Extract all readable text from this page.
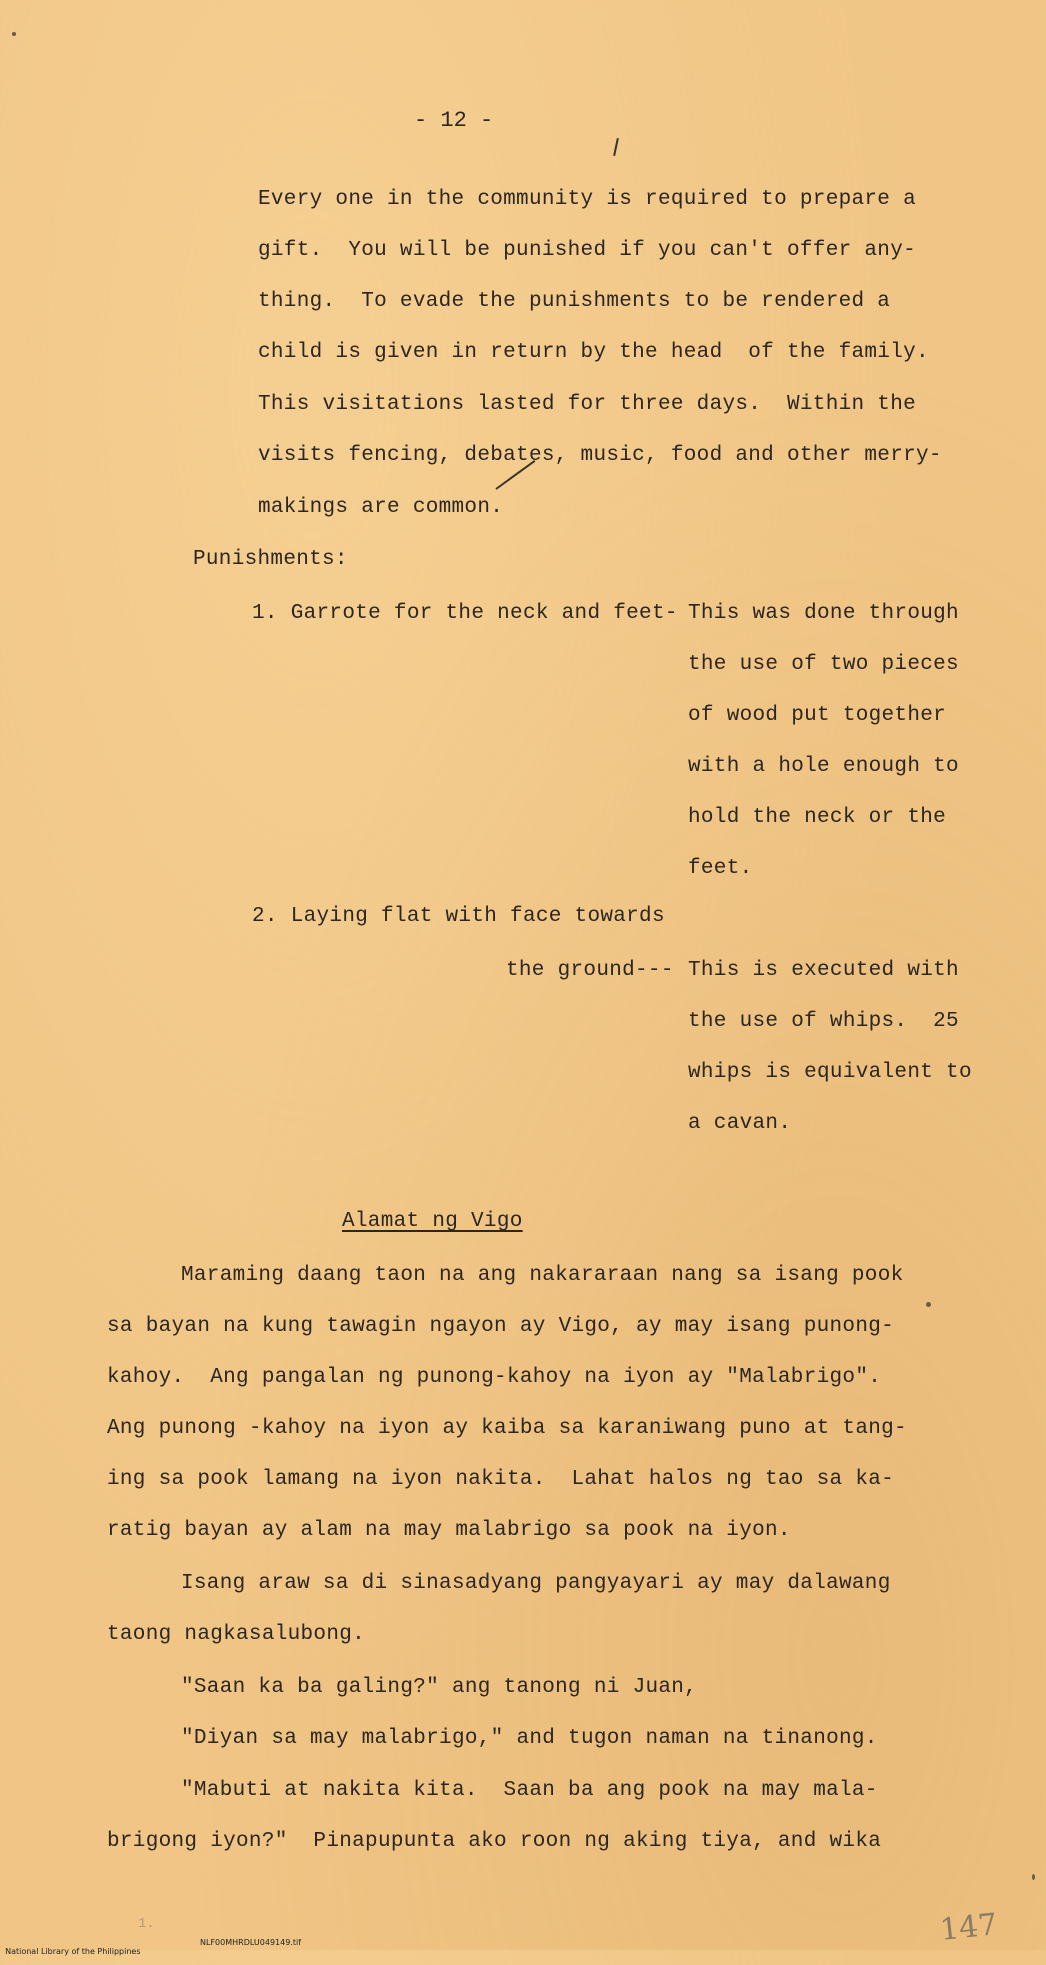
- 12 -
Every one in the community is required to prepare a
gift.  You will be punished if you can't offer any-
thing.  To evade the punishments to be rendered a
child is given in return by the head  of the family.
This visitations lasted for three days.  Within the
visits fencing, debates, music, food and other merry-
makings are common.
Punishments:
1. Garrote for the neck and feet- This was done through
the use of two pieces
of wood put together
with a hole enough to
hold the neck or the
feet.
2. Laying flat with face towards
the ground--- This is executed with
the use of whips.  25
whips is equivalent to
a cavan.
Alamat ng Vigo
Maraming daang taon na ang nakararaan nang sa isang pook
sa bayan na kung tawagin ngayon ay Vigo, ay may isang punong-
kahoy.  Ang pangalan ng punong-kahoy na iyon ay "Malabrigo".
Ang punong -kahoy na iyon ay kaiba sa karaniwang puno at tang-
ing sa pook lamang na iyon nakita.  Lahat halos ng tao sa ka-
ratig bayan ay alam na may malabrigo sa pook na iyon.
Isang araw sa di sinasadyang pangyayari ay may dalawang
taong nagkasalubong.
"Saan ka ba galing?" ang tanong ni Juan,
"Diyan sa may malabrigo," and tugon naman na tinanong.
"Mabuti at nakita kita.  Saan ba ang pook na may mala-
brigong iyon?"  Pinapupunta ako roon ng aking tiya, and wika
1.	147

National Library of the Philippines

NLF00MHRDLU049149.tif
